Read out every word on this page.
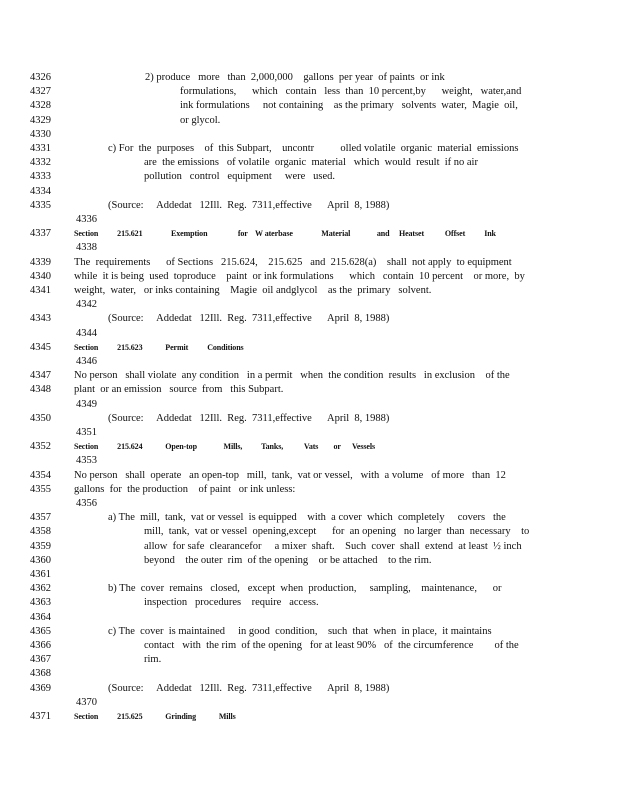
4326	2) produce   more   than  2,000,000    gallons  per year  of paints  or ink
4327	formulations,      which   contain   less  than  10 percent,by      weight,   water,and
4328	ink formulations     not containing    as the primary   solvents  water,  Magie  oil,
4329	or glycol.
4330
4331	c) For  the  purposes    of  this Subpart,    uncontr          olled volatile  organic  material  emissions
4332	are  the emissions   of volatile  organic  material   which  would  result  if no air
4333	pollution   control   equipment     were   used.
4334
4335	(Source:     Addedat   12Ill.  Reg.  7311,effective      April  8, 1988)
4336
4337	Section          215.621               Exemption                for    W aterbase               Material              and     Heatset           Offset          Ink
4338
4339 The  requirements      of Sections   215.624,    215.625   and  215.628(a)    shall  not apply  to equipment
4340 while  it is being  used  toproduce    paint  or ink formulations      which   contain  10 percent    or more,  by
4341 weight,  water,   or inks containing    Magie  oil andglycol    as the  primary   solvent.
4342
4343	(Source:     Addedat   12Ill.  Reg.  7311,effective      April  8, 1988)
4344
4345	Section          215.623            Permit          Conditions
4346
4347 No person   shall violate  any condition   in a permit   when  the condition  results   in exclusion    of the
4348 plant  or an emission   source  from   this Subpart.
4349
4350	(Source:     Addedat   12Ill.  Reg.  7311,effective      April  8, 1988)
4351
4352	Section          215.624            Open-top              Mills,          Tanks,           Vats        or      Vessels
4353
4354 No person   shall  operate   an open-top   mill,  tank,  vat or vessel,   with  a volume   of more   than  12
4355 gallons  for  the production    of paint   or ink unless:
4356
4357	a) The  mill,  tank,  vat or vessel  is equipped    with  a cover  which  completely     covers   the
4358	mill,  tank,  vat or vessel  opening,except      for  an opening   no larger  than  necessary    to
4359	allow  for safe  clearancefor     a mixer  shaft.    Such  cover  shall  extend  at least  ½ inch
4360	beyond    the outer  rim  of the opening    or be attached    to the rim.
4361
4362	b) The  cover  remains   closed,   except  when  production,     sampling,    maintenance,      or
4363	inspection   procedures    require   access.
4364
4365	c) The  cover  is maintained     in good  condition,    such  that  when  in place,  it maintains
4366	contact   with  the rim  of the opening   for at least 90%   of  the circumference        of the
4367	rim.
4368
4369	(Source:     Addedat   12Ill.  Reg.  7311,effective      April  8, 1988)
4370
4371	Section          215.625            Grinding            Mills
